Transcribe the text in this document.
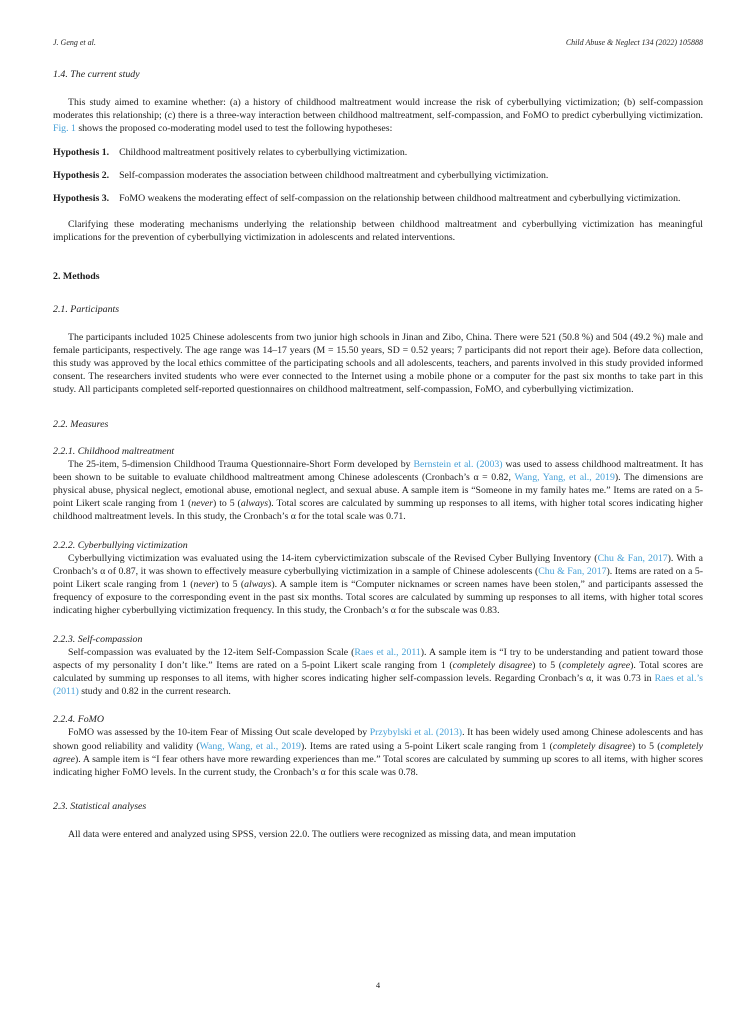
J. Geng et al.	Child Abuse & Neglect 134 (2022) 105888
1.4. The current study

This study aimed to examine whether: (a) a history of childhood maltreatment would increase the risk of cyberbullying victimization; (b) self-compassion moderates this relationship; (c) there is a three-way interaction between childhood maltreatment, self-compassion, and FoMO to predict cyberbullying victimization. Fig. 1 shows the proposed co-moderating model used to test the following hypotheses:

Hypothesis 1. Childhood maltreatment positively relates to cyberbullying victimization.

Hypothesis 2. Self-compassion moderates the association between childhood maltreatment and cyberbullying victimization.

Hypothesis 3. FoMO weakens the moderating effect of self-compassion on the relationship between childhood maltreatment and cyberbullying victimization.

Clarifying these moderating mechanisms underlying the relationship between childhood maltreatment and cyberbullying victimization has meaningful implications for the prevention of cyberbullying victimization in adolescents and related interventions.

2. Methods
2.1. Participants

The participants included 1025 Chinese adolescents from two junior high schools in Jinan and Zibo, China. There were 521 (50.8 %) and 504 (49.2 %) male and female participants, respectively. The age range was 14–17 years (M = 15.50 years, SD = 0.52 years; 7 participants did not report their age). Before data collection, this study was approved by the local ethics committee of the participating schools and all adolescents, teachers, and parents involved in this study provided informed consent. The researchers invited students who were ever connected to the Internet using a mobile phone or a computer for the past six months to take part in this study. All participants completed self-reported questionnaires on childhood maltreatment, self-compassion, FoMO, and cyberbullying victimization.

2.2. Measures
2.2.1. Childhood maltreatment

The 25-item, 5-dimension Childhood Trauma Questionnaire-Short Form developed by Bernstein et al. (2003) was used to assess childhood maltreatment. It has been shown to be suitable to evaluate childhood maltreatment among Chinese adolescents (Cronbach’s α = 0.82, Wang, Yang, et al., 2019). The dimensions are physical abuse, physical neglect, emotional abuse, emotional neglect, and sexual abuse. A sample item is “Someone in my family hates me.” Items are rated on a 5-point Likert scale ranging from 1 (never) to 5 (always). Total scores are calculated by summing up responses to all items, with higher total scores indicating higher childhood maltreatment levels. In this study, the Cronbach’s α for the total scale was 0.71.

2.2.2. Cyberbullying victimization

Cyberbullying victimization was evaluated using the 14-item cybervictimization subscale of the Revised Cyber Bullying Inventory (Chu & Fan, 2017). With a Cronbach’s α of 0.87, it was shown to effectively measure cyberbullying victimization in a sample of Chinese adolescents (Chu & Fan, 2017). Items are rated on a 5-point Likert scale ranging from 1 (never) to 5 (always). A sample item is “Computer nicknames or screen names have been stolen,” and participants assessed the frequency of exposure to the corresponding event in the past six months. Total scores are calculated by summing up responses to all items, with higher total scores indicating higher cyberbullying victimization frequency. In this study, the Cronbach’s α for the subscale was 0.83.

2.2.3. Self-compassion

Self-compassion was evaluated by the 12-item Self-Compassion Scale (Raes et al., 2011). A sample item is “I try to be understanding and patient toward those aspects of my personality I don’t like.” Items are rated on a 5-point Likert scale ranging from 1 (completely disagree) to 5 (completely agree). Total scores are calculated by summing up responses to all items, with higher scores indicating higher self-compassion levels. Regarding Cronbach’s α, it was 0.73 in Raes et al.’s (2011) study and 0.82 in the current research.

2.2.4. FoMO

FoMO was assessed by the 10-item Fear of Missing Out scale developed by Przybylski et al. (2013). It has been widely used among Chinese adolescents and has shown good reliability and validity (Wang, Wang, et al., 2019). Items are rated using a 5-point Likert scale ranging from 1 (completely disagree) to 5 (completely agree). A sample item is “I fear others have more rewarding experiences than me.” Total scores are calculated by summing up scores to all items, with higher scores indicating higher FoMO levels. In the current study, the Cronbach’s α for this scale was 0.78.

2.3. Statistical analyses

All data were entered and analyzed using SPSS, version 22.0. The outliers were recognized as missing data, and mean imputation

4
